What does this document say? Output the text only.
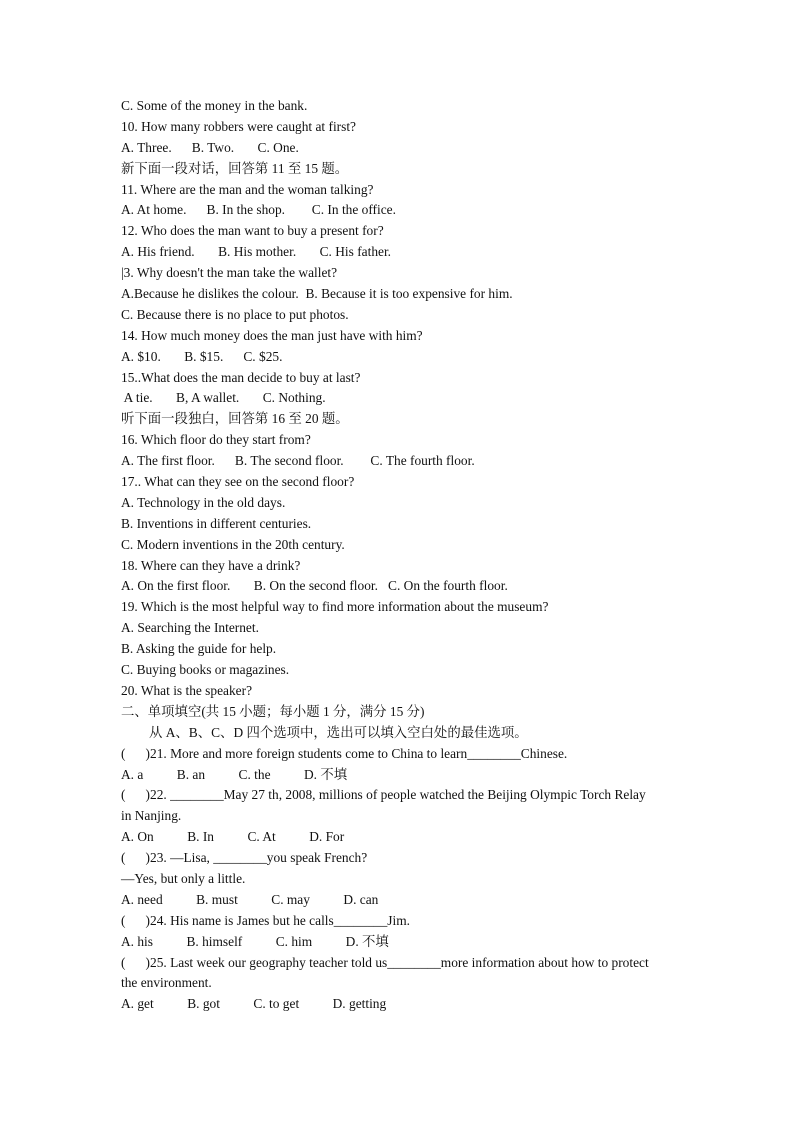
C. Some of the money in the bank.
10. How many robbers were caught at first?
A. Three.      B. Two.       C. One.
新下面一段对话，回答第 11 至 15 题。
11. Where are the man and the woman talking?
A. At home.      B. In the shop.        C. In the office.
12. Who does the man want to buy a present for?
A. His friend.       B. His mother.       C. His father.
|3. Why doesn't the man take the wallet?
A.Because he dislikes the colour.  B. Because it is too expensive for him.
C. Because there is no place to put photos.
14. How much money does the man just have with him?
A. $10.       B. $15.      C. $25.
15..What does the man decide to buy at last?
A tie.       B, A wallet.       C. Nothing.
听下面一段独白，回答第 16 至 20 题。
16. Which floor do they start from?
A. The first floor.      B. The second floor.        C. The fourth floor.
17.. What can they see on the second floor?
A. Technology in the old days.
B. Inventions in different centuries.
C. Modern inventions in the 20th century.
18. Where can they have a drink?
A. On the first floor.       B. On the second floor.   C. On the fourth floor.
19. Which is the most helpful way to find more information about the museum?
A. Searching the Internet.
B. Asking the guide for help.
C. Buying books or magazines.
20. What is the speaker?
二、单项填空(共 15 小题；每小题 1 分，满分 15 分)
从 A、B、C、D 四个选项中，选出可以填入空白处的最佳选项。
(      )21. More and more foreign students come to China to learn________Chinese.
A. a          B. an          C. the          D. 不填
(      )22. ________May 27 th, 2008, millions of people watched the Beijing Olympic Torch Relay
in Nanjing.
A. On          B. In          C. At          D. For
(      )23. —Lisa, ________you speak French?
—Yes, but only a little.
A. need          B. must          C. may          D. can
(      )24. His name is James but he calls________Jim.
A. his          B. himself          C. him          D. 不填
(      )25. Last week our geography teacher told us________more information about how to protect
the environment.
A. get          B. got          C. to get          D. getting
